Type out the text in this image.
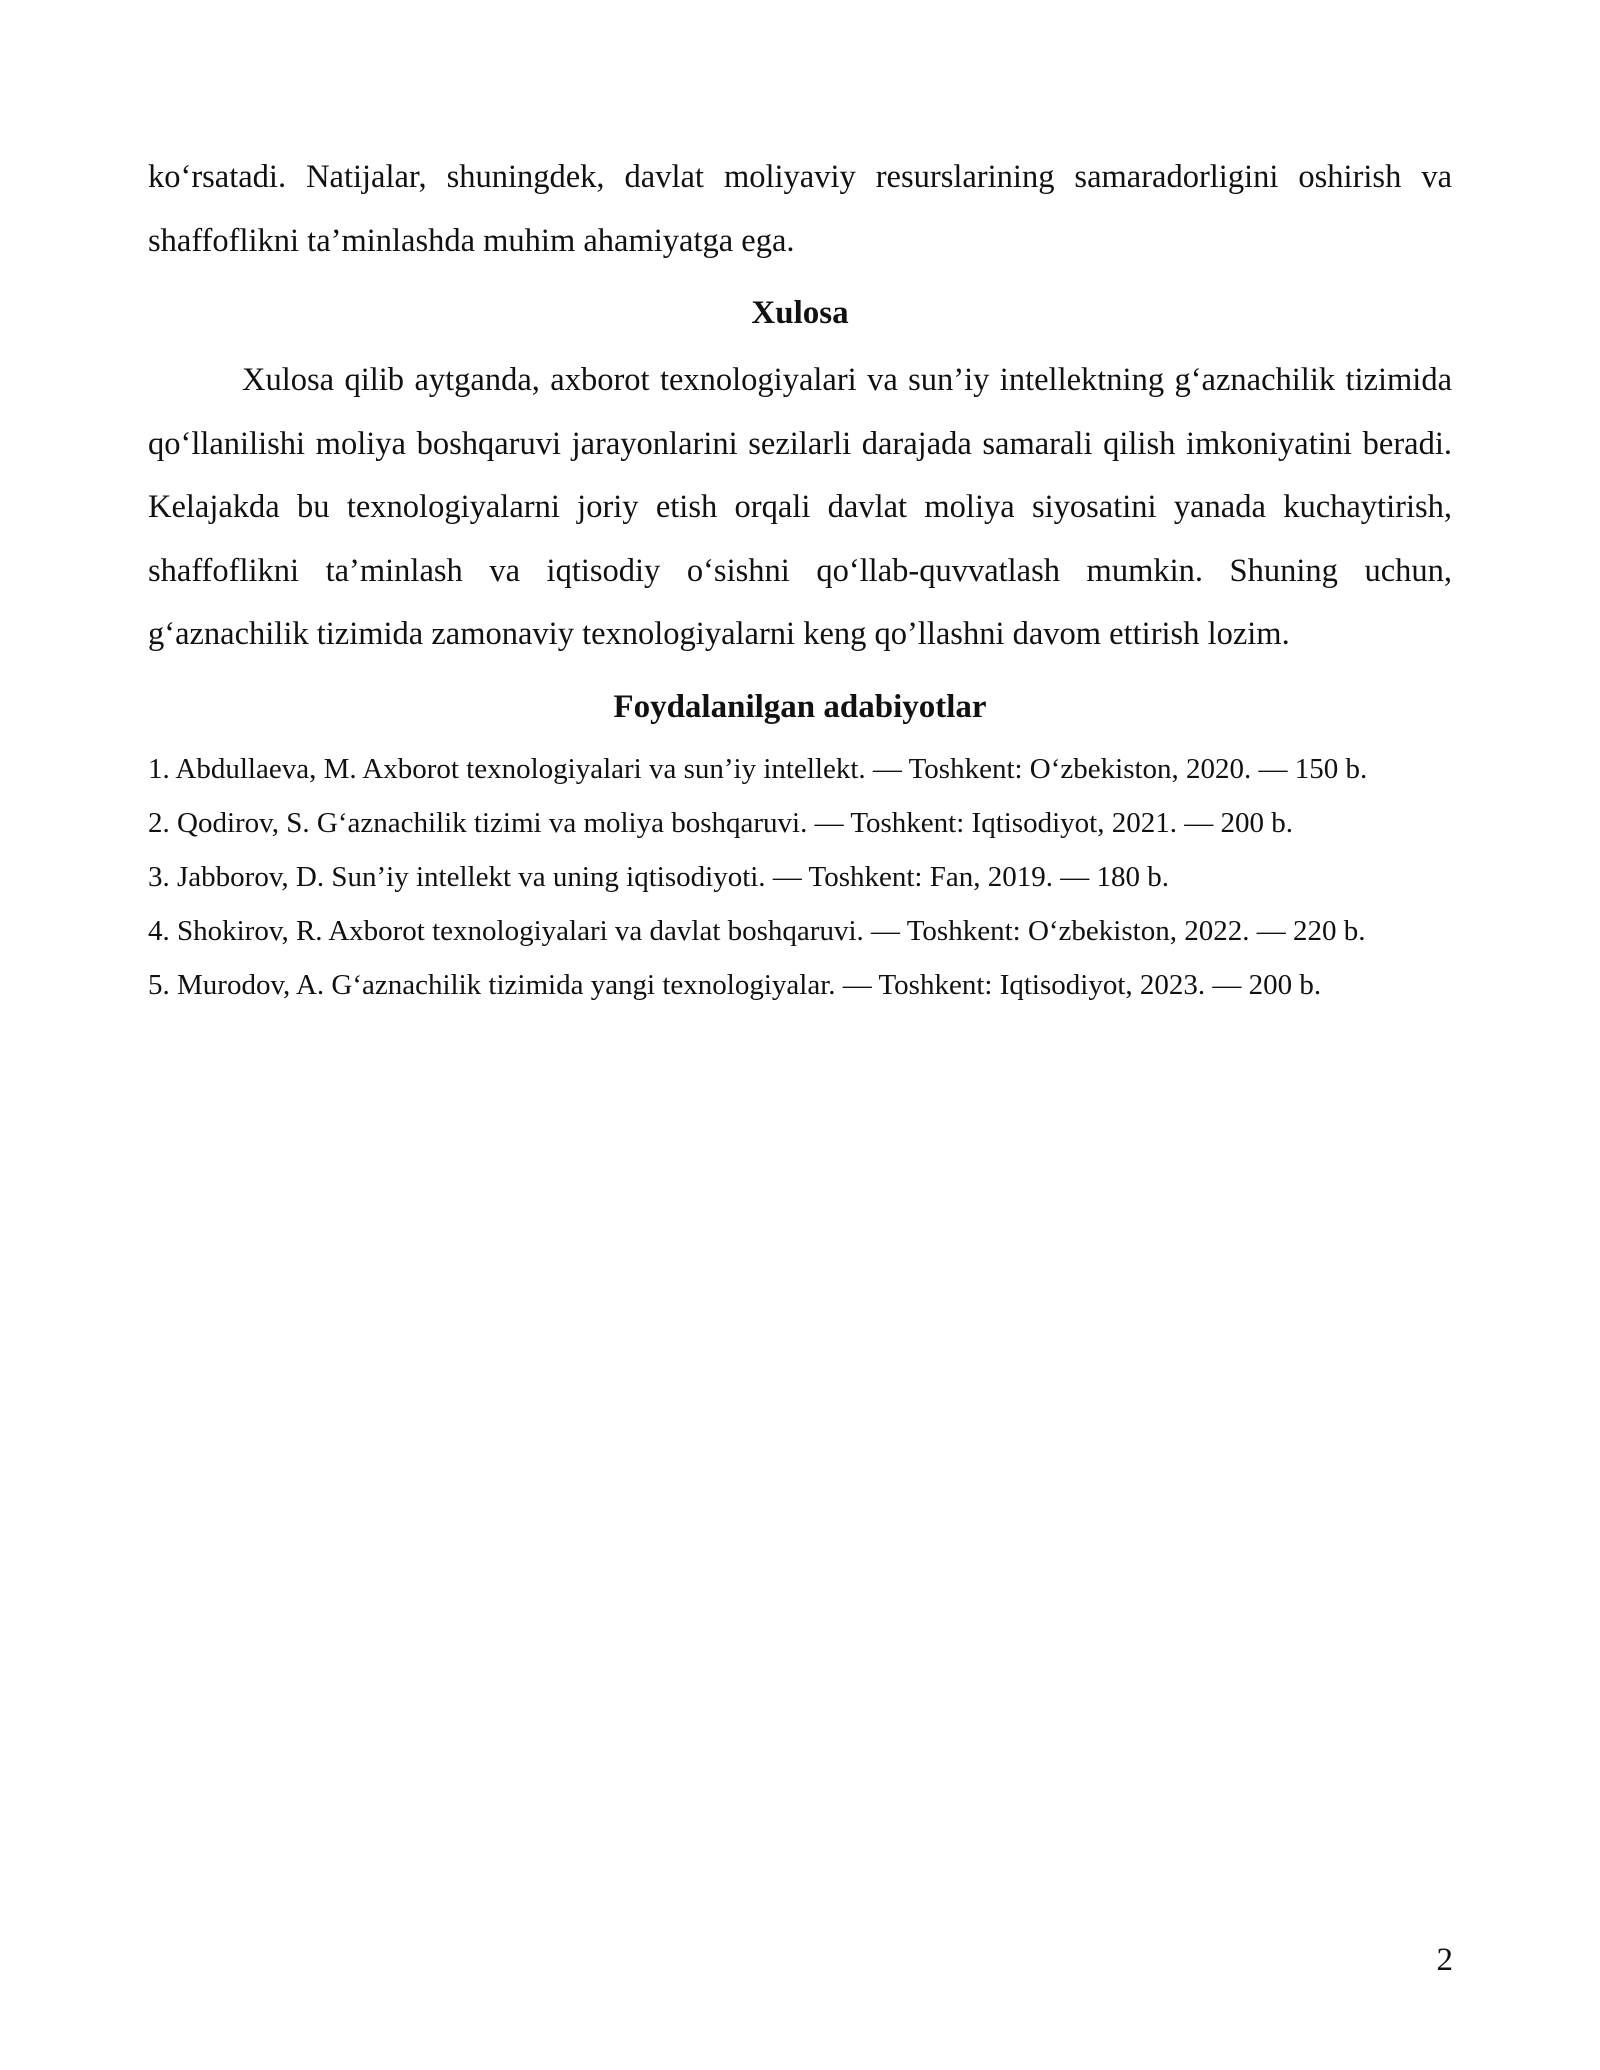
ko‘rsatadi. Natijalar, shuningdek, davlat moliyaviy resurslarining samaradorligini oshirish va shaffoflikni ta’minlashda muhim ahamiyatga ega.

Xulosa

Xulosa qilib aytganda, axborot texnologiyalari va sun’iy intellektning g‘aznachilik tizimida qo‘llanilishi moliya boshqaruvi jarayonlarini sezilarli darajada samarali qilish imkoniyatini beradi. Kelajakda bu texnologiyalarni joriy etish orqali davlat moliya siyosatini yanada kuchaytirish, shaffoflikni ta’minlash va iqtisodiy o‘sishni qo‘llab-quvvatlash mumkin. Shuning uchun, g‘aznachilik tizimida zamonaviy texnologiyalarni keng qo’llashni davom ettirish lozim.

Foydalanilgan adabiyotlar
1. Abdullaeva, M. Axborot texnologiyalari va sun’iy intellekt. — Toshkent: O‘zbekiston, 2020. — 150 b.
2. Qodirov, S. G‘aznachilik tizimi va moliya boshqaruvi. — Toshkent: Iqtisodiyot, 2021. — 200 b.
3. Jabborov, D. Sun’iy intellekt va uning iqtisodiyoti. — Toshkent: Fan, 2019. — 180 b.
4. Shokirov, R. Axborot texnologiyalari va davlat boshqaruvi. — Toshkent: O‘zbekiston, 2022. — 220 b.
5. Murodov, A. G‘aznachilik tizimida yangi texnologiyalar. — Toshkent: Iqtisodiyot, 2023. — 200 b.
2
